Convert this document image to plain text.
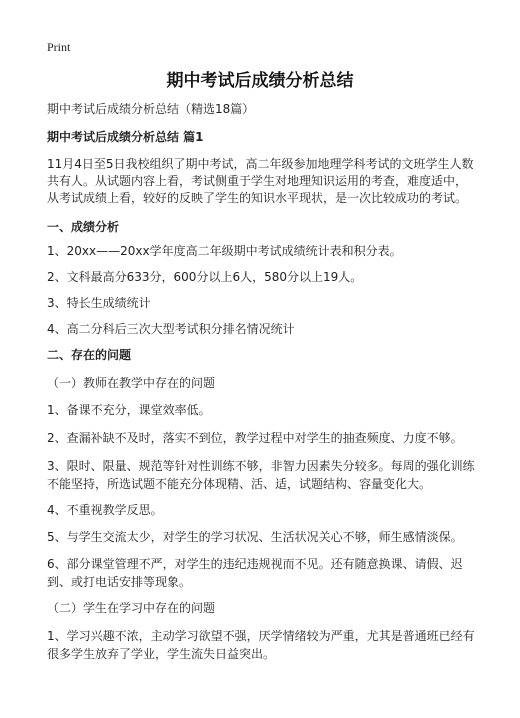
Print
期中考试后成绩分析总结

期中考试后成绩分析总结（精选18篇）

期中考试后成绩分析总结 篇1

11月4日至5日我校组织了期中考试，高二年级参加地理学科考试的文班学生人数共有人。从试题内容上看，考试侧重于学生对地理知识运用的考查，难度适中，从考试成绩上看，较好的反映了学生的知识水平现状，是一次比较成功的考试。

一、成绩分析

1、20xx——20xx学年度高二年级期中考试成绩统计表和积分表。

2、文科最高分633分，600分以上6人，580分以上19人。

3、特长生成绩统计

4、高二分科后三次大型考试积分排名情况统计

二、存在的问题

（一）教师在教学中存在的问题

1、备课不充分，课堂效率低。

2、查漏补缺不及时，落实不到位，教学过程中对学生的抽查频度、力度不够。

3、限时、限量、规范等针对性训练不够，非智力因素失分较多。每周的强化训练不能坚持，所选试题不能充分体现精、活、适，试题结构、容量变化大。

4、不重视教学反思。

5、与学生交流太少，对学生的学习状况、生活状况关心不够，师生感情淡保。

6、部分课堂管理不严，对学生的违纪违规视而不见。还有随意换课、请假、迟到、或打电话安排等现象。

（二）学生在学习中存在的问题

1、学习兴趣不浓，主动学习欲望不强，厌学情绪较为严重，尤其是普通班已经有很多学生放弃了学业，学生流失日益突出。
